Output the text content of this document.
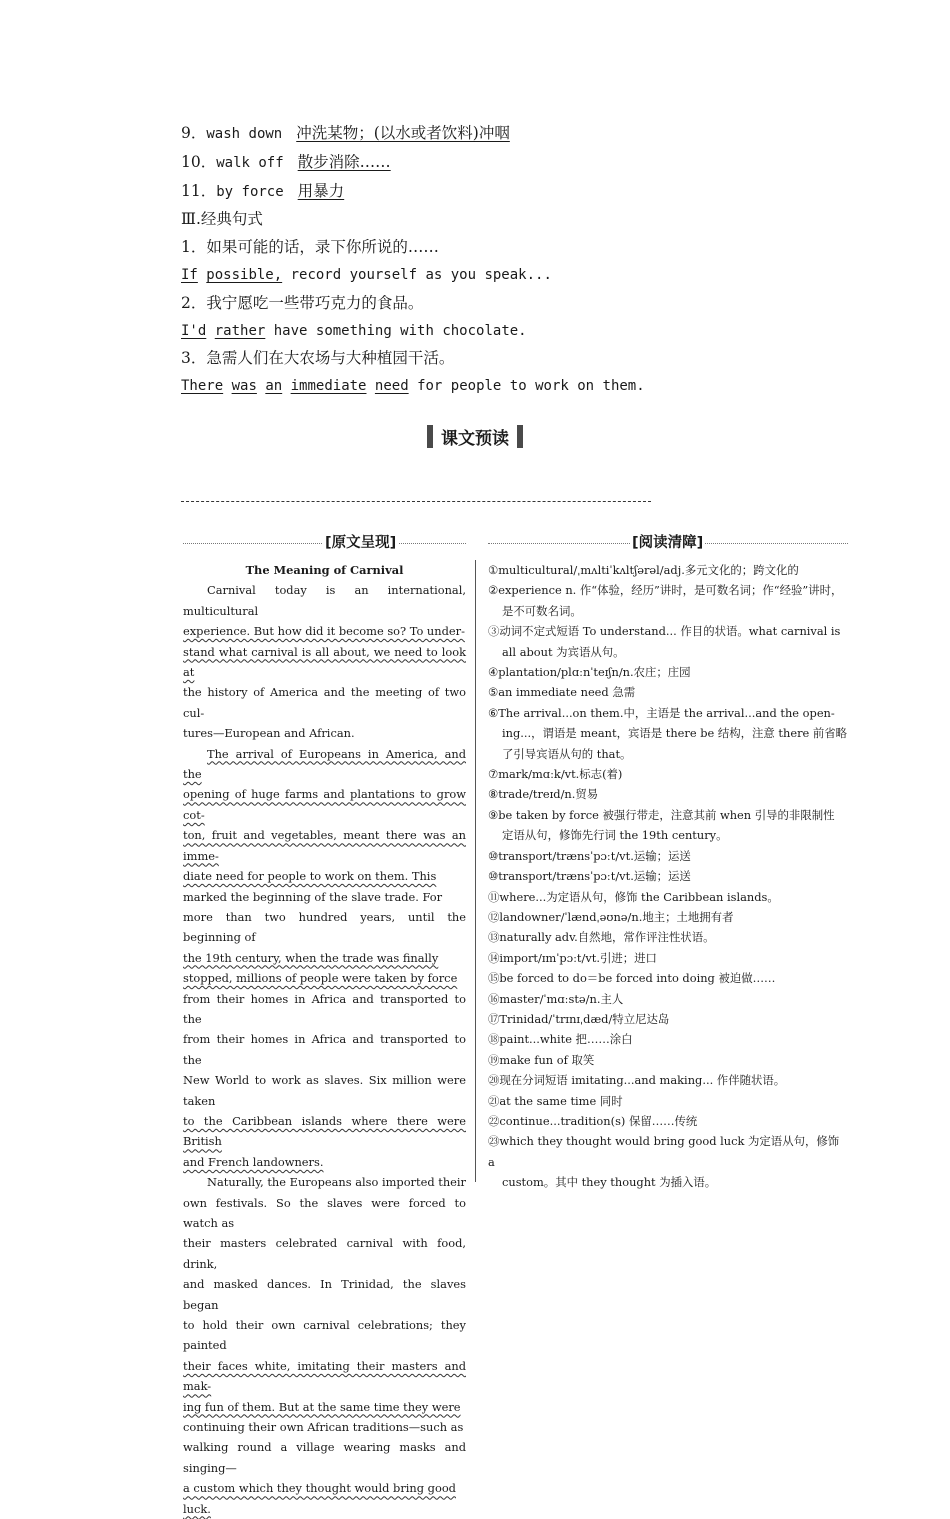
9．wash down 冲洗某物；(以水或者饮料)冲咽
10．walk off 散步消除……
11．by force 用暴力
Ⅲ.经典句式
1．如果可能的话，录下你所说的……
If possible, record yourself as you speak...
2．我宁愿吃一些带巧克力的食品。
I'd rather have something with chocolate.
3．急需人们在大农场与大种植园干活。
There was an immediate need for people to work on them.
课文预读
[原文呈现]	[阅读清障]
The Meaning of Carnival
Carnival today is an international, multicultural
experience. But how did it become so? To under-
stand what carnival is all about, we need to look at
the history of America and the meeting of two cul-
tures—European and African.
The arrival of Europeans in America, and the
opening of huge farms and plantations to grow cot-
ton, fruit and vegetables, meant there was an imme-
diate need for people to work on them. This
marked the beginning of the slave trade. For
more than two hundred years, until the beginning of
the 19th century, when the trade was finally
stopped, millions of people were taken by force
from their homes in Africa and transported to the
from their homes in Africa and transported to the
New World to work as slaves. Six million were taken
to the Caribbean islands where there were British
and French landowners.
Naturally, the Europeans also imported their
own festivals. So the slaves were forced to watch as
their masters celebrated carnival with food, drink,
and masked dances. In Trinidad, the slaves began
to hold their own carnival celebrations; they painted
their faces white, imitating their masters and mak-
ing fun of them. But at the same time they were
continuing their own African traditions—such as
walking round a village wearing masks and singing—
a custom which they thought would bring good
luck.
①multicultural/ˌmʌltiˈkʌltʃərəl/adj.多元文化的；跨文化的
②experience n. 作“体验，经历”讲时，是可数名词；作“经验”讲时，
是不可数名词。
③动词不定式短语 To understand... 作目的状语。what carnival is
all about 为宾语从句。
④plantation/plɑːnˈteɪʃn/n.农庄；庄园
⑤an immediate need 急需
⑥The arrival...on them.中，主语是 the arrival...and the open-
ing...，谓语是 meant，宾语是 there be 结构，注意 there 前省略
了引导宾语从句的 that。
⑦mark/mɑːk/vt.标志(着)
⑧trade/treɪd/n.贸易
⑨be taken by force 被强行带走，注意其前 when 引导的非限制性
定语从句，修饰先行词 the 19th century。
⑩transport/trænsˈpɔːt/vt.运输；运送
⑩transport/trænsˈpɔːt/vt.运输；运送
⑪where...为定语从句，修饰 the Caribbean islands。
⑫landowner/ˈlændˌəʊnə/n.地主；土地拥有者
⑬naturally adv.自然地，常作评注性状语。
⑭import/ɪmˈpɔːt/vt.引进；进口
⑮be forced to do＝be forced into doing 被迫做……
⑯master/ˈmɑːstə/n.主人
⑰Trinidad/ˈtrɪnɪˌdæd/特立尼达岛
⑱paint...white 把……涂白
⑲make fun of 取笑
⑳现在分词短语 imitating...and making... 作伴随状语。
㉑at the same time 同时
㉒continue...tradition(s) 保留……传统
㉓which they thought would bring good luck 为定语从句，修饰 a
custom。其中 they thought 为插入语。
